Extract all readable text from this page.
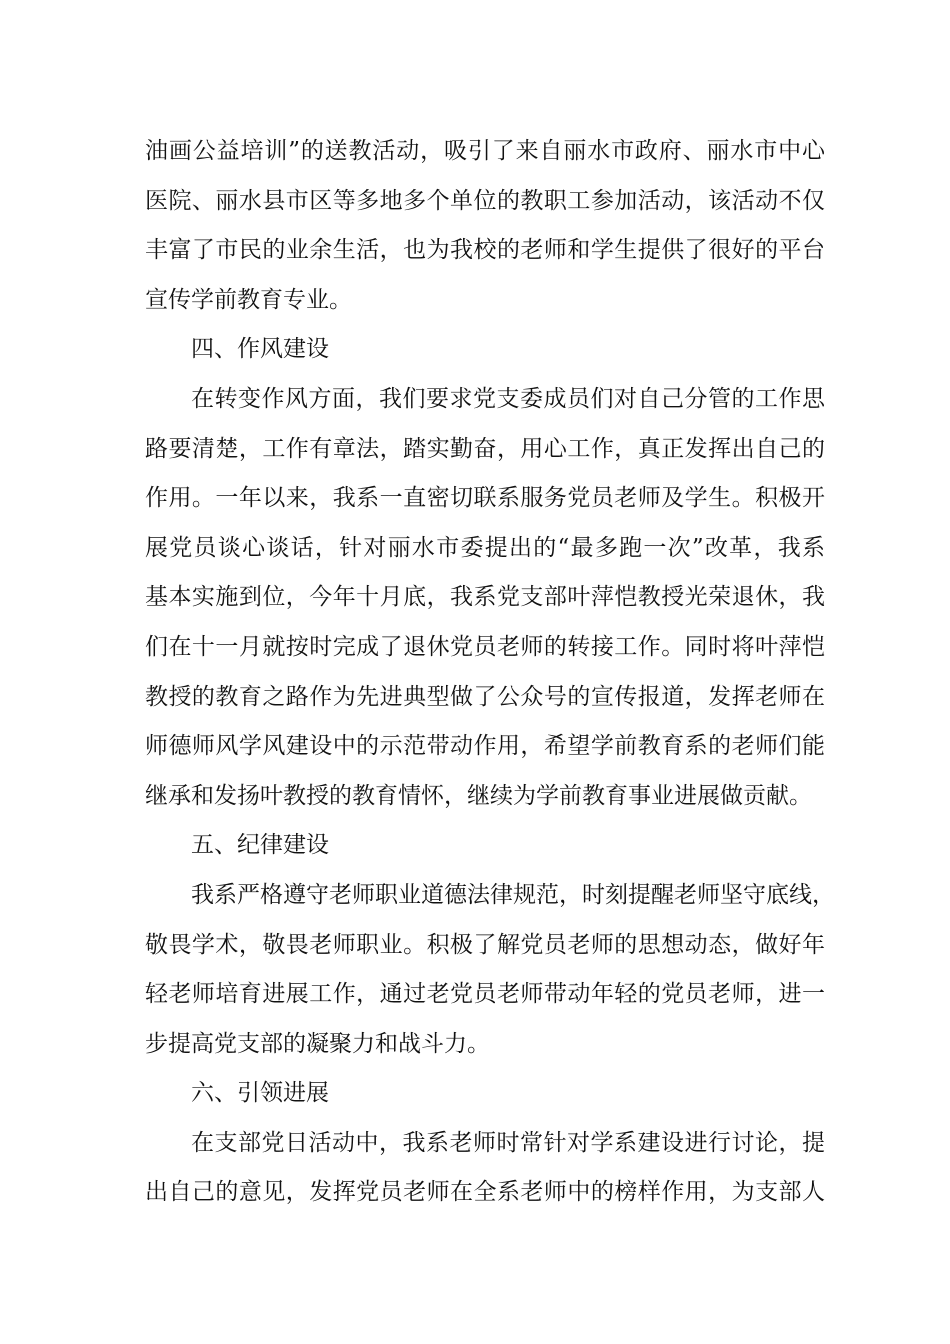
油画公益培训”的送教活动，吸引了来自丽水市政府、丽水市中心
医院、丽水县市区等多地多个单位的教职工参加活动，该活动不仅
丰富了市民的业余生活，也为我校的老师和学生提供了很好的平台
宣传学前教育专业。
四、作风建设
在转变作风方面，我们要求党支委成员们对自己分管的工作思
路要清楚，工作有章法，踏实勤奋，用心工作，真正发挥出自己的
作用。一年以来，我系一直密切联系服务党员老师及学生。积极开
展党员谈心谈话，针对丽水市委提出的“最多跑一次”改革，我系
基本实施到位，今年十月底，我系党支部叶萍恺教授光荣退休，我
们在十一月就按时完成了退休党员老师的转接工作。同时将叶萍恺
教授的教育之路作为先进典型做了公众号的宣传报道，发挥老师在
师德师风学风建设中的示范带动作用，希望学前教育系的老师们能
继承和发扬叶教授的教育情怀，继续为学前教育事业进展做贡献。
五、纪律建设
我系严格遵守老师职业道德法律规范，时刻提醒老师坚守底线，
敬畏学术，敬畏老师职业。积极了解党员老师的思想动态，做好年
轻老师培育进展工作，通过老党员老师带动年轻的党员老师，进一
步提高党支部的凝聚力和战斗力。
六、引领进展
在支部党日活动中，我系老师时常针对学系建设进行讨论，提
出自己的意见，发挥党员老师在全系老师中的榜样作用，为支部人
